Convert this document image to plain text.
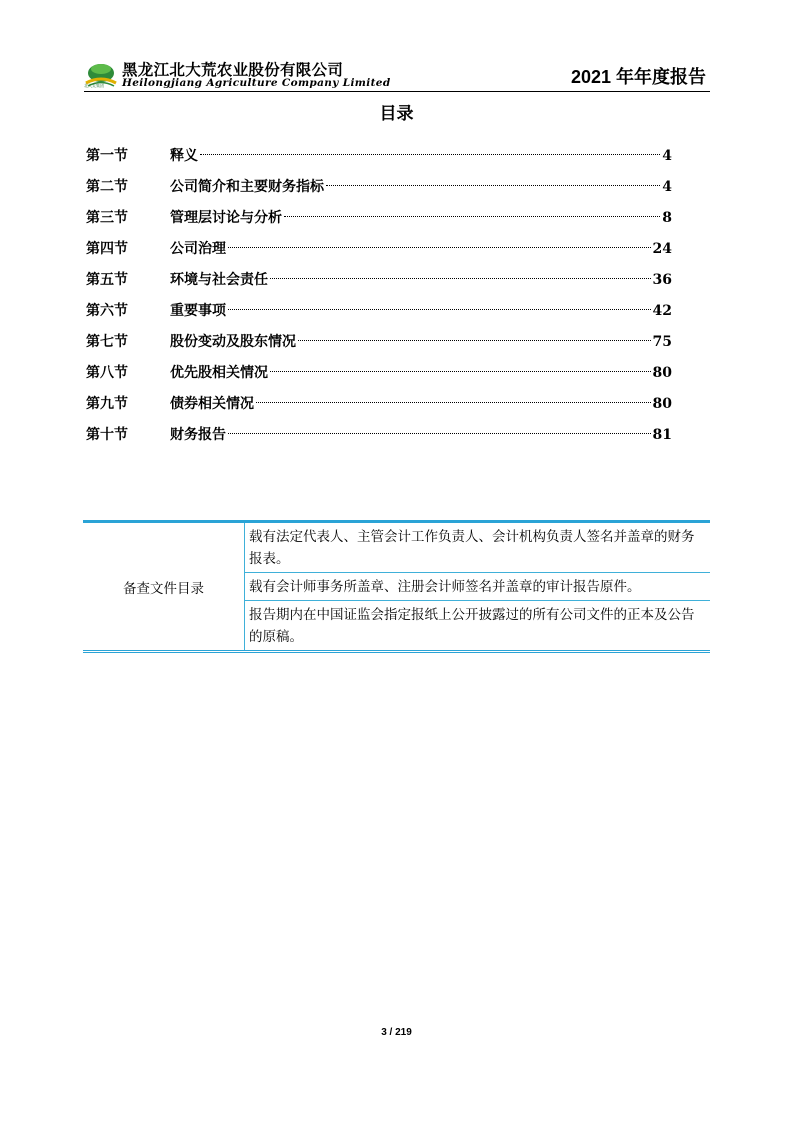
北大荒集团
黑龙江北大荒农业股份有限公司
Heilongjiang Agriculture Company Limited	2021 年年度报告
目录
第一节	释义	4
第二节	公司简介和主要财务指标	4
第三节	管理层讨论与分析	8
第四节	公司治理	24
第五节	环境与社会责任	36
第六节	重要事项	42
第七节	股份变动及股东情况	75
第八节	优先股相关情况	80
第九节	债券相关情况	80
第十节	财务报告	81
备查文件目录	载有法定代表人、主管会计工作负责人、会计机构负责人签名并盖章的财务报表。
载有会计师事务所盖章、注册会计师签名并盖章的审计报告原件。
报告期内在中国证监会指定报纸上公开披露过的所有公司文件的正本及公告的原稿。
3 / 219
